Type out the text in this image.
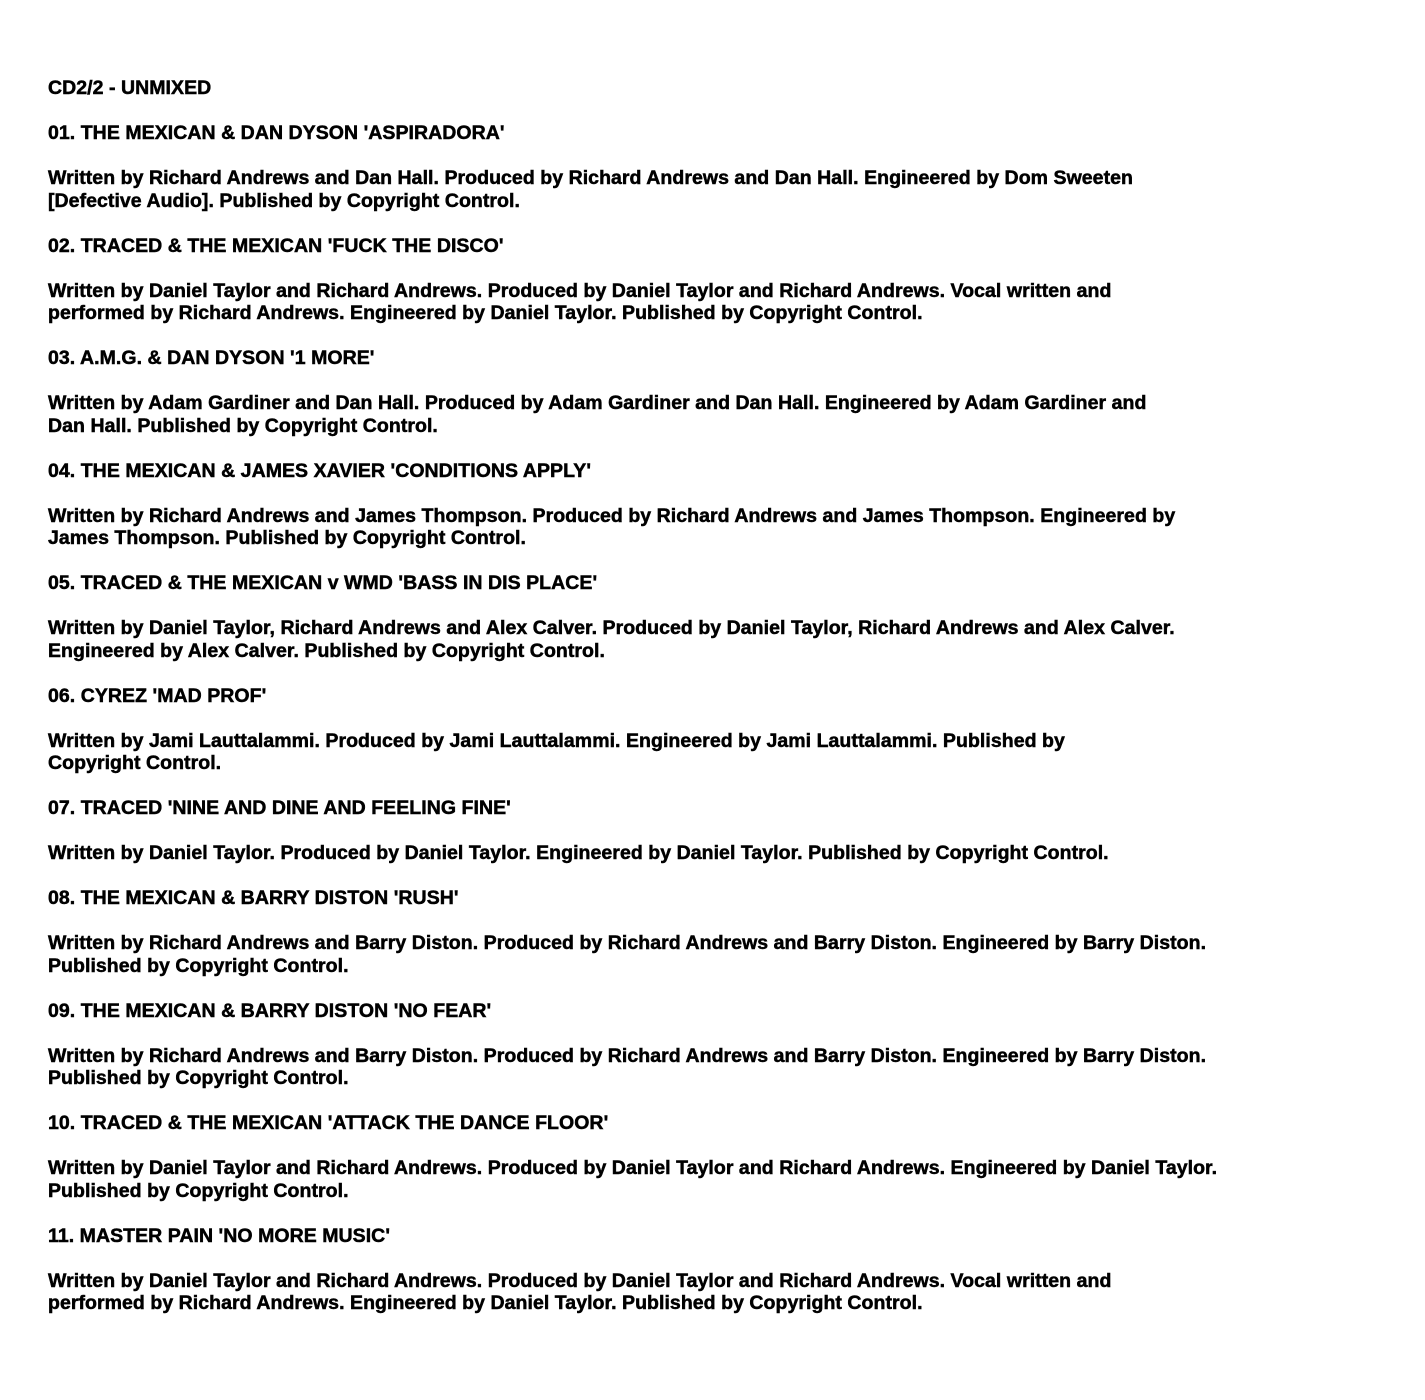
CD2/2 - UNMIXED
01. THE MEXICAN & DAN DYSON 'ASPIRADORA'
Written by Richard Andrews and Dan Hall. Produced by Richard Andrews and Dan Hall. Engineered by Dom Sweeten
[Defective Audio]. Published by Copyright Control.
02. TRACED & THE MEXICAN 'FUCK THE DISCO'
Written by Daniel Taylor and Richard Andrews. Produced by Daniel Taylor and Richard Andrews. Vocal written and
performed by Richard Andrews. Engineered by Daniel Taylor. Published by Copyright Control.
03. A.M.G. & DAN DYSON '1 MORE'
Written by Adam Gardiner and Dan Hall. Produced by Adam Gardiner and Dan Hall. Engineered by Adam Gardiner and
Dan Hall. Published by Copyright Control.
04. THE MEXICAN & JAMES XAVIER 'CONDITIONS APPLY'
Written by Richard Andrews and James Thompson. Produced by Richard Andrews and James Thompson. Engineered by
James Thompson. Published by Copyright Control.
05. TRACED & THE MEXICAN v WMD 'BASS IN DIS PLACE'
Written by Daniel Taylor, Richard Andrews and Alex Calver. Produced by Daniel Taylor, Richard Andrews and Alex Calver.
Engineered by Alex Calver. Published by Copyright Control.
06. CYREZ 'MAD PROF'
Written by Jami Lauttalammi. Produced by Jami Lauttalammi. Engineered by Jami Lauttalammi. Published by
Copyright Control.
07. TRACED 'NINE AND DINE AND FEELING FINE'
Written by Daniel Taylor. Produced by Daniel Taylor. Engineered by Daniel Taylor. Published by Copyright Control.
08. THE MEXICAN & BARRY DISTON 'RUSH'
Written by Richard Andrews and Barry Diston. Produced by Richard Andrews and Barry Diston. Engineered by Barry Diston.
Published by Copyright Control.
09. THE MEXICAN & BARRY DISTON 'NO FEAR'
Written by Richard Andrews and Barry Diston. Produced by Richard Andrews and Barry Diston. Engineered by Barry Diston.
Published by Copyright Control.
10. TRACED & THE MEXICAN 'ATTACK THE DANCE FLOOR'
Written by Daniel Taylor and Richard Andrews. Produced by Daniel Taylor and Richard Andrews. Engineered by Daniel Taylor.
Published by Copyright Control.
11. MASTER PAIN 'NO MORE MUSIC'
Written by Daniel Taylor and Richard Andrews. Produced by Daniel Taylor and Richard Andrews. Vocal written and
performed by Richard Andrews. Engineered by Daniel Taylor. Published by Copyright Control.
